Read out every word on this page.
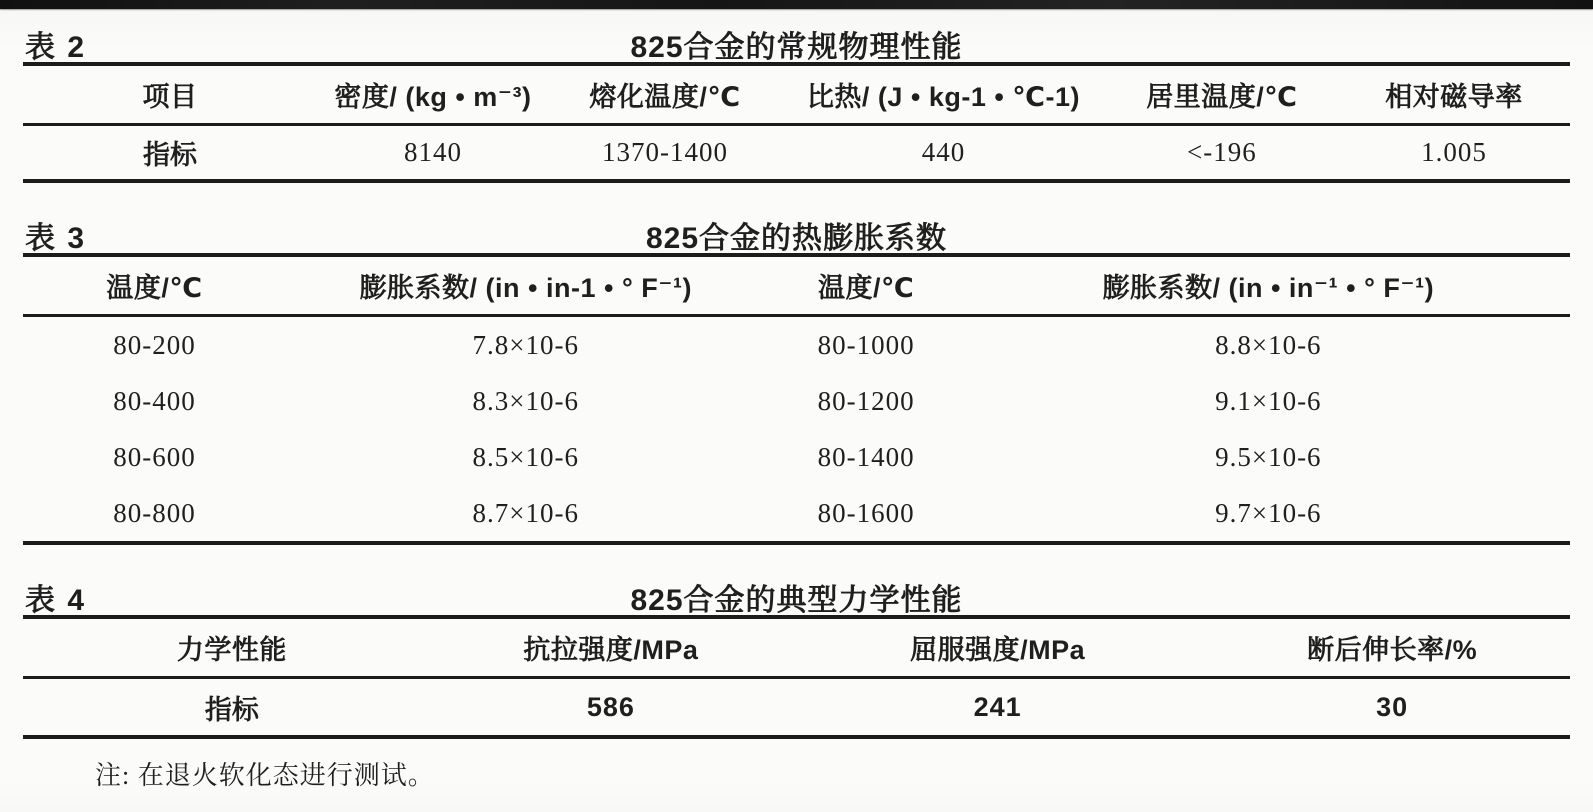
表 2	825合金的常规物理性能
项目	密度/ (kg • m⁻³)	熔化温度/℃	比热/ (J • kg-1 • ℃-1)	居里温度/℃	相对磁导率
指标	8140	1370-1400	440	<-196	1.005
表 3	825合金的热膨胀系数
温度/℃	膨胀系数/ (in • in-1 • ° F⁻¹)	温度/℃	膨胀系数/ (in • in⁻¹ • ° F⁻¹)
80-200	7.8×10-6	80-1000	8.8×10-6
80-400	8.3×10-6	80-1200	9.1×10-6
80-600	8.5×10-6	80-1400	9.5×10-6
80-800	8.7×10-6	80-1600	9.7×10-6
表 4	825合金的典型力学性能
力学性能	抗拉强度/MPa	屈服强度/MPa	断后伸长率/%
指标	586	241	30
注: 在退火软化态进行测试。
